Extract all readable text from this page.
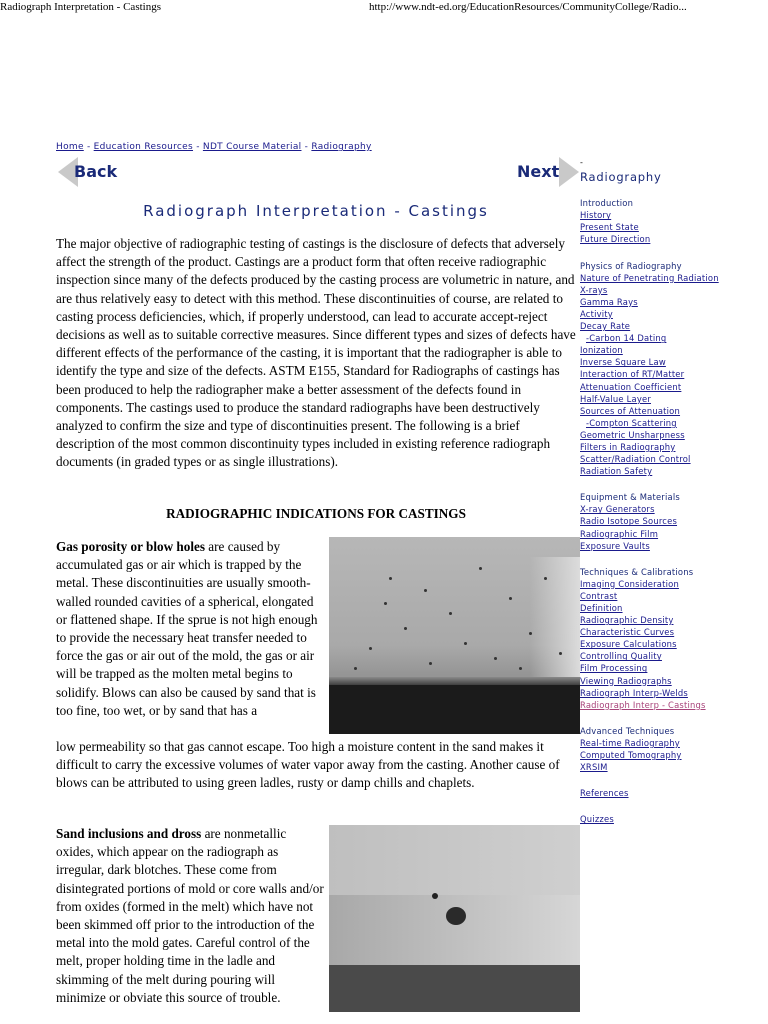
Radiograph Interpretation - Castings	http://www.ndt-ed.org/EducationResources/CommunityCollege/Radio...
Home - Education Resources - NDT Course Material - Radiography
Back	Next
Radiograph Interpretation - Castings
The major objective of radiographic testing of castings is the disclosure of defects that adversely affect the strength of the product. Castings are a product form that often receive radiographic inspection since many of the defects produced by the casting process are volumetric in nature, and are thus relatively easy to detect with this method. These discontinuities of course, are related to casting process deficiencies, which, if properly understood, can lead to accurate accept-reject decisions as well as to suitable corrective measures. Since different types and sizes of defects have different effects of the performance of the casting, it is important that the radiographer is able to identify the type and size of the defects. ASTM E155, Standard for Radiographs of castings has been produced to help the radiographer make a better assessment of the defects found in components. The castings used to produce the standard radiographs have been destructively analyzed to confirm the size and type of discontinuities present. The following is a brief description of the most common discontinuity types included in existing reference radiograph documents (in graded types or as single illustrations).
RADIOGRAPHIC INDICATIONS FOR CASTINGS
Gas porosity or blow holes are caused by accumulated gas or air which is trapped by the metal. These discontinuities are usually smooth-walled rounded cavities of a spherical, elongated or flattened shape. If the sprue is not high enough to provide the necessary heat transfer needed to force the gas or air out of the mold, the gas or air will be trapped as the molten metal begins to solidify. Blows can also be caused by sand that is too fine, too wet, or by sand that has a
low permeability so that gas cannot escape. Too high a moisture content in the sand makes it difficult to carry the excessive volumes of water vapor away from the casting. Another cause of blows can be attributed to using green ladles, rusty or damp chills and chaplets.
Sand inclusions and dross are nonmetallic oxides, which appear on the radiograph as irregular, dark blotches. These come from disintegrated portions of mold or core walls and/or from oxides (formed in the melt) which have not been skimmed off prior to the introduction of the metal into the mold gates. Careful control of the melt, proper holding time in the ladle and skimming of the melt during pouring will minimize or obviate this source of trouble.
-
Radiography
Introduction
History
Present State
Future Direction
Physics of Radiography
Nature of Penetrating Radiation
X-rays
Gamma Rays
Activity
Decay Rate
-Carbon 14 Dating
Ionization
Inverse Square Law
Interaction of RT/Matter
Attenuation Coefficient
Half-Value Layer
Sources of Attenuation
-Compton Scattering
Geometric Unsharpness
Filters in Radiography
Scatter/Radiation Control
Radiation Safety
Equipment & Materials
X-ray Generators
Radio Isotope Sources
Radiographic Film
Exposure Vaults
Techniques & Calibrations
Imaging Consideration
Contrast
Definition
Radiographic Density
Characteristic Curves
Exposure Calculations
Controlling Quality
Film Processing
Viewing Radiographs
Radiograph Interp-Welds
Radiograph Interp - Castings
Advanced Techniques
Real-time Radiography
Computed Tomography
XRSIM
References
Quizzes
